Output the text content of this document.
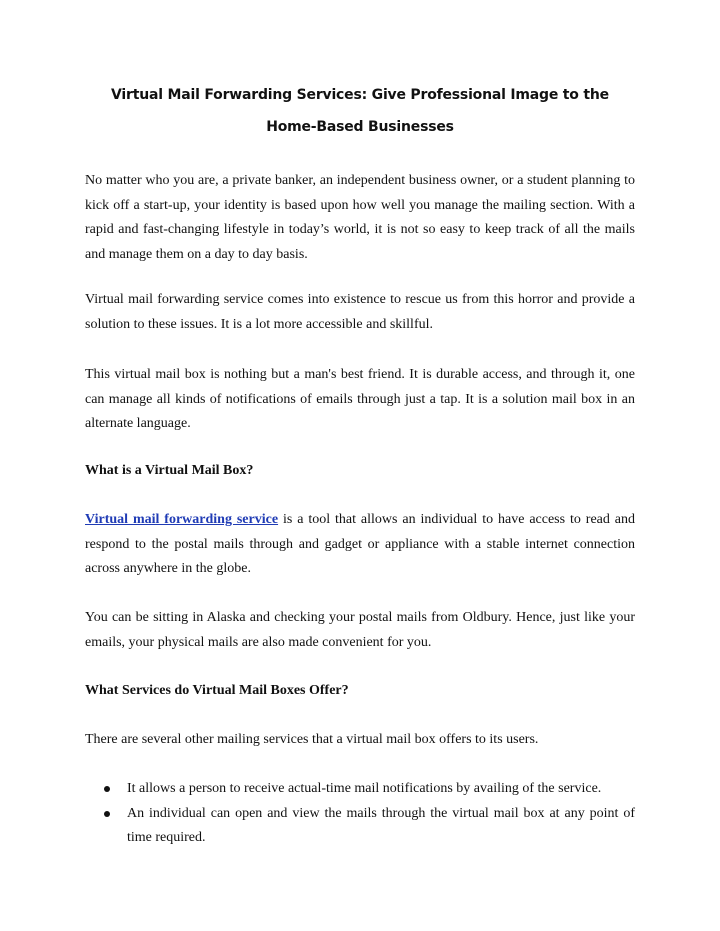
Virtual Mail Forwarding Services: Give Professional Image to the
Home-Based Businesses

No matter who you are, a private banker, an independent business owner, or a student planning to kick off a start-up, your identity is based upon how well you manage the mailing section. With a rapid and fast-changing lifestyle in today’s world, it is not so easy to keep track of all the mails and manage them on a day to day basis.

Virtual mail forwarding service comes into existence to rescue us from this horror and provide a solution to these issues. It is a lot more accessible and skillful.

This virtual mail box is nothing but a man's best friend. It is durable access, and through it, one can manage all kinds of notifications of emails through just a tap. It is a solution mail box in an alternate language.

What is a Virtual Mail Box?

Virtual mail forwarding service is a tool that allows an individual to have access to read and respond to the postal mails through and gadget or appliance with a stable internet connection across anywhere in the globe.

You can be sitting in Alaska and checking your postal mails from Oldbury. Hence, just like your emails, your physical mails are also made convenient for you.

What Services do Virtual Mail Boxes Offer?

There are several other mailing services that a virtual mail box offers to its users.

It allows a person to receive actual-time mail notifications by availing of the service.
An individual can open and view the mails through the virtual mail box at any point of time required.
